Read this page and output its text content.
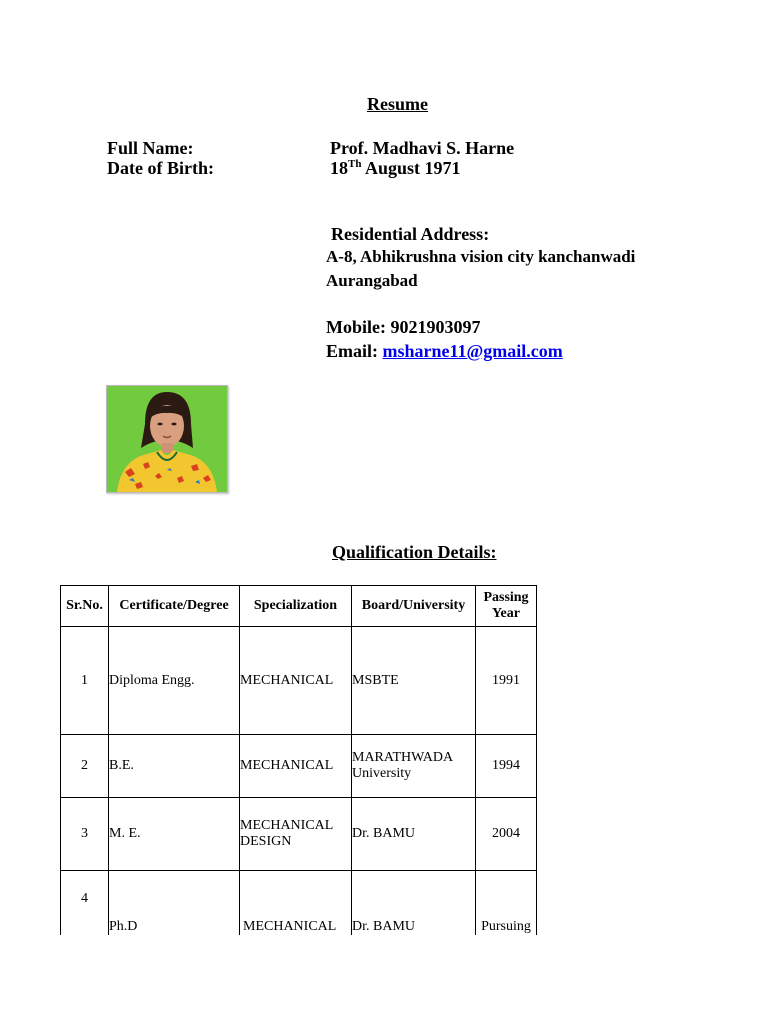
Resume
Full Name:	Prof. Madhavi S. Harne
Date of Birth:	18Th August 1971
Residential Address:
A-8, Abhikrushna vision city kanchanwadi
Aurangabad
Mobile: 9021903097
Email: msharne11@gmail.com
Qualification Details:
Sr.No.	Certificate/Degree	Specialization	Board/University	Passing Year
1	Diploma Engg.	MECHANICAL	MSBTE	1991
2	B.E.	MECHANICAL	MARATHWADA University	1994
3	M. E.	MECHANICAL DESIGN	Dr. BAMU	2004
4	Ph.D	MECHANICAL	Dr. BAMU	Pursuing
